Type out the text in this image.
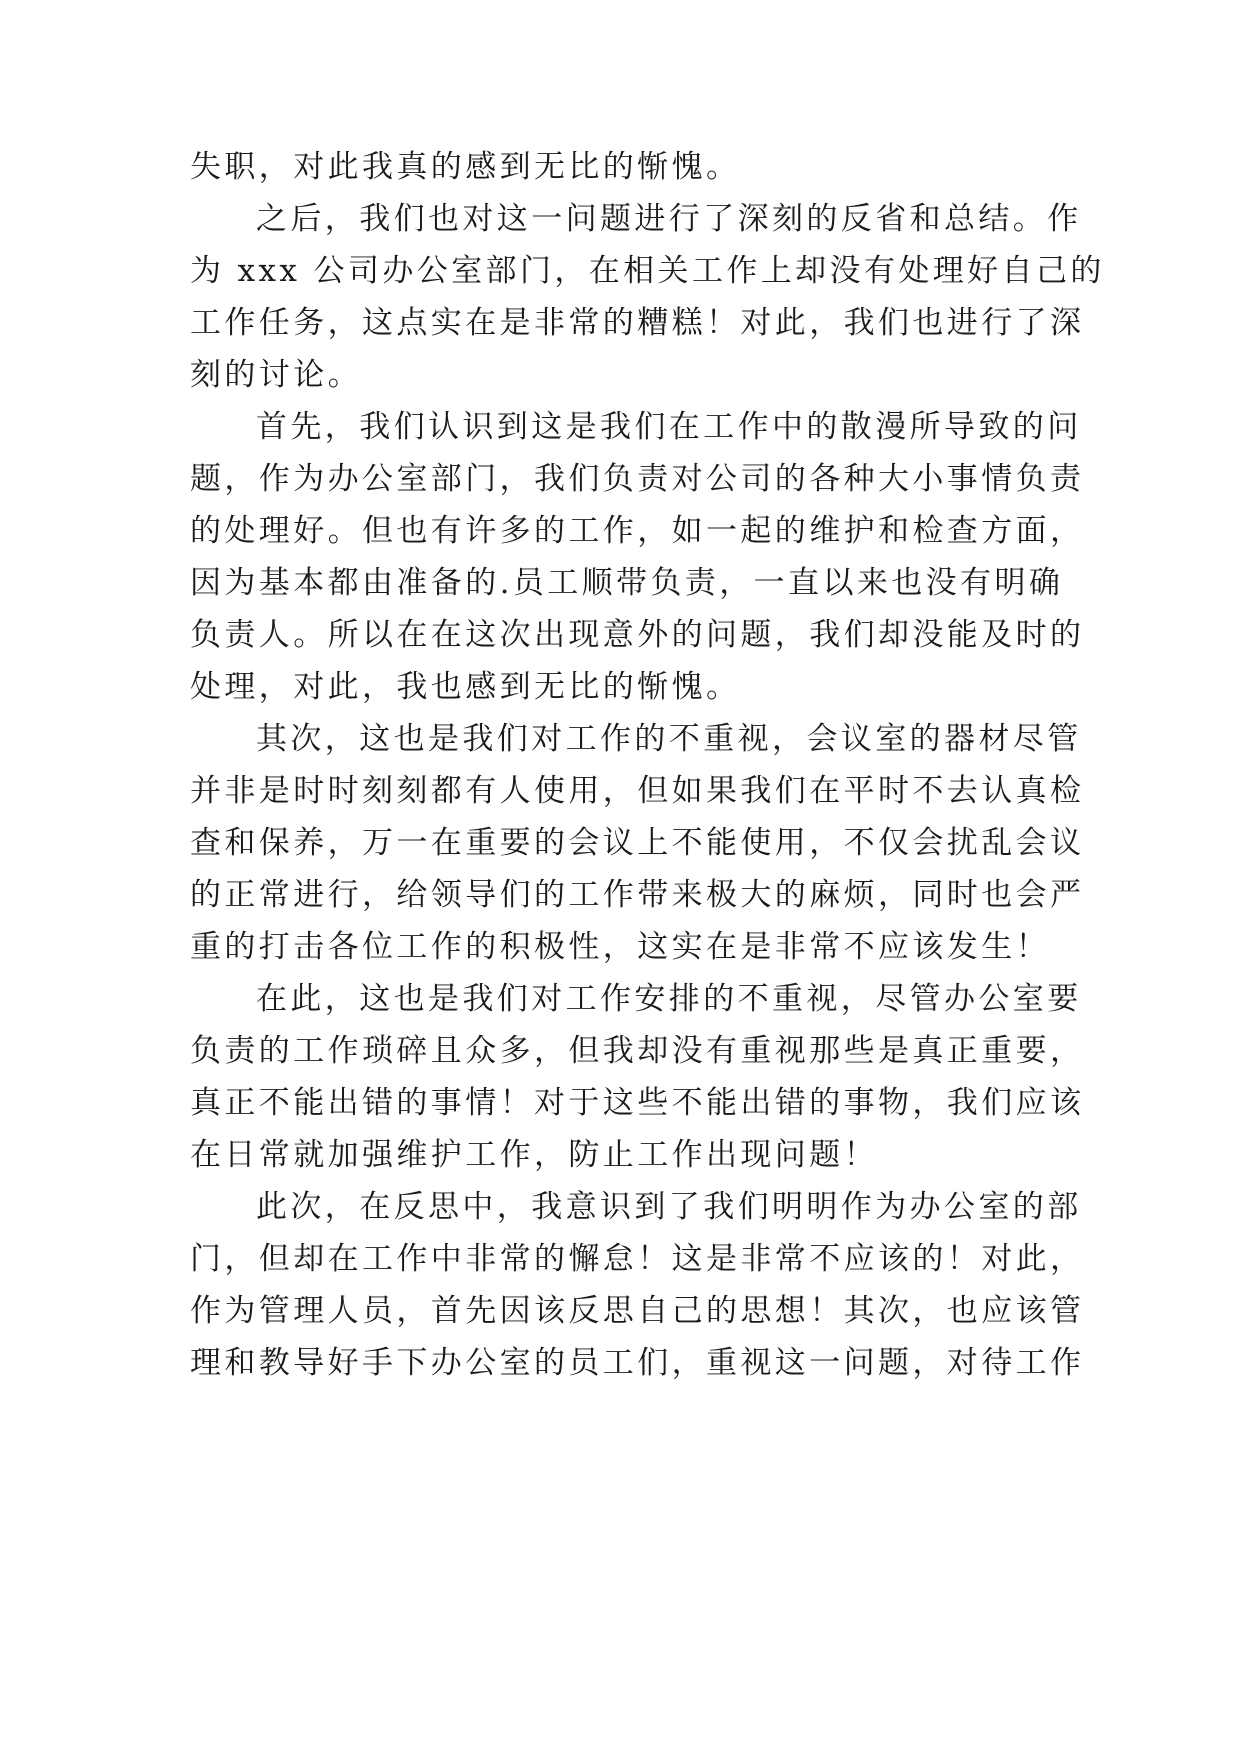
失职，对此我真的感到无比的惭愧。
之后，我们也对这一问题进行了深刻的反省和总结。作
为 xxx 公司办公室部门，在相关工作上却没有处理好自己的
工作任务，这点实在是非常的糟糕！对此，我们也进行了深
刻的讨论。
首先，我们认识到这是我们在工作中的散漫所导致的问
题，作为办公室部门，我们负责对公司的各种大小事情负责
的处理好。但也有许多的工作，如一起的维护和检查方面，
因为基本都由准备的.员工顺带负责，一直以来也没有明确
负责人。所以在在这次出现意外的问题，我们却没能及时的
处理，对此，我也感到无比的惭愧。
其次，这也是我们对工作的不重视，会议室的器材尽管
并非是时时刻刻都有人使用，但如果我们在平时不去认真检
查和保养，万一在重要的会议上不能使用，不仅会扰乱会议
的正常进行，给领导们的工作带来极大的麻烦，同时也会严
重的打击各位工作的积极性，这实在是非常不应该发生！
在此，这也是我们对工作安排的不重视，尽管办公室要
负责的工作琐碎且众多，但我却没有重视那些是真正重要，
真正不能出错的事情！对于这些不能出错的事物，我们应该
在日常就加强维护工作，防止工作出现问题！
此次，在反思中，我意识到了我们明明作为办公室的部
门，但却在工作中非常的懈怠！这是非常不应该的！对此，
作为管理人员，首先因该反思自己的思想！其次，也应该管
理和教导好手下办公室的员工们，重视这一问题，对待工作
